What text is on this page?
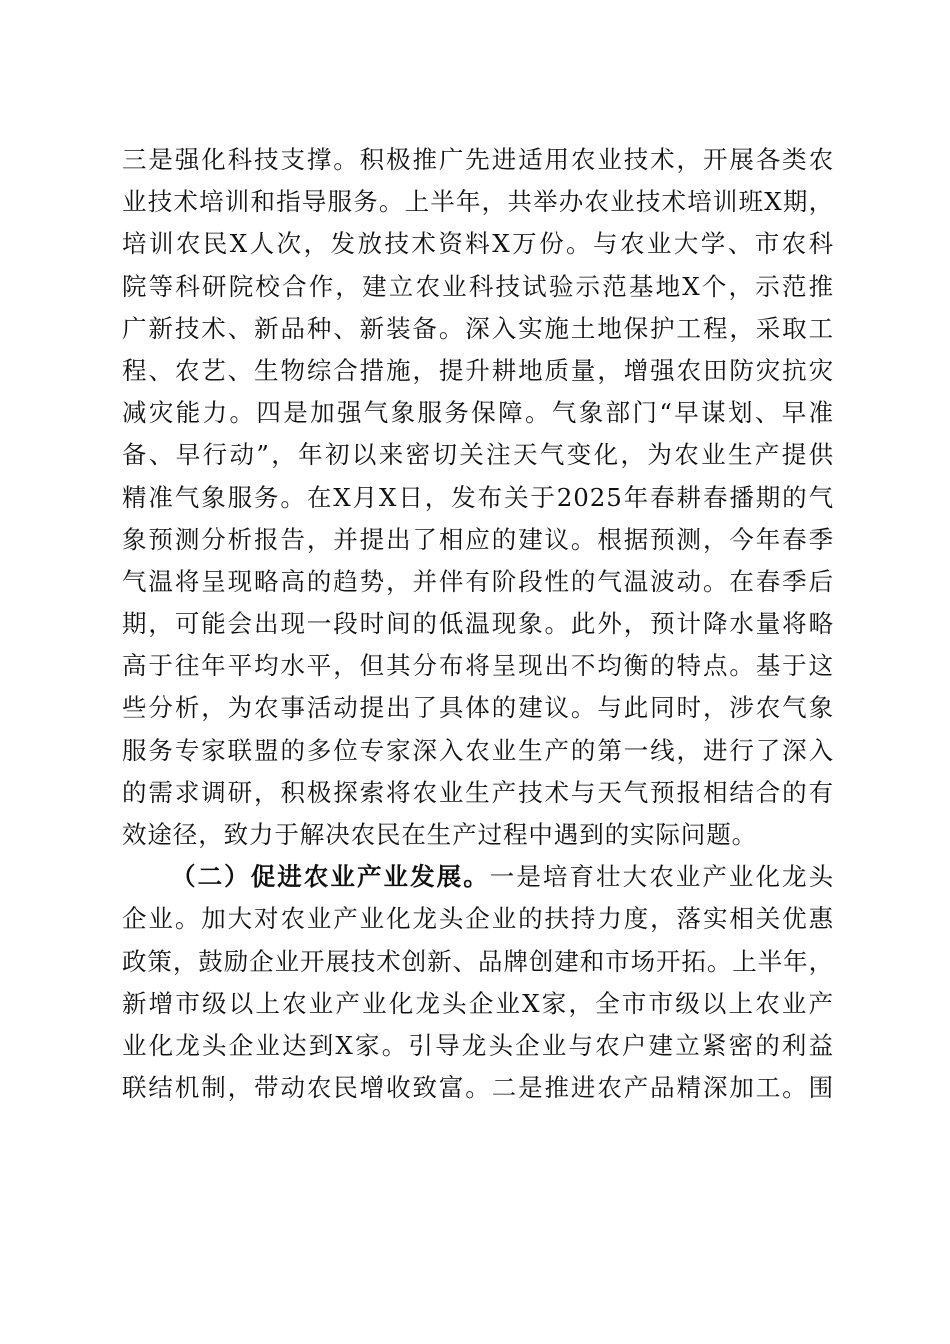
三是强化科技支撑。积极推广先进适用农业技术，开展各类农
业技术培训和指导服务。上半年，共举办农业技术培训班X期，
培训农民X人次，发放技术资料X万份。与农业大学、市农科
院等科研院校合作，建立农业科技试验示范基地X个，示范推
广新技术、新品种、新装备。深入实施土地保护工程，采取工
程、农艺、生物综合措施，提升耕地质量，增强农田防灾抗灾
减灾能力。四是加强气象服务保障。气象部门“早谋划、早准
备、早行动”，年初以来密切关注天气变化，为农业生产提供
精准气象服务。在X月X日，发布关于2025年春耕春播期的气
象预测分析报告，并提出了相应的建议。根据预测，今年春季
气温将呈现略高的趋势，并伴有阶段性的气温波动。在春季后
期，可能会出现一段时间的低温现象。此外，预计降水量将略
高于往年平均水平，但其分布将呈现出不均衡的特点。基于这
些分析，为农事活动提出了具体的建议。与此同时，涉农气象
服务专家联盟的多位专家深入农业生产的第一线，进行了深入
的需求调研，积极探索将农业生产技术与天气预报相结合的有
效途径，致力于解决农民在生产过程中遇到的实际问题。
（二）促进农业产业发展。一是培育壮大农业产业化龙头
企业。加大对农业产业化龙头企业的扶持力度，落实相关优惠
政策，鼓励企业开展技术创新、品牌创建和市场开拓。上半年，
新增市级以上农业产业化龙头企业X家，全市市级以上农业产
业化龙头企业达到X家。引导龙头企业与农户建立紧密的利益
联结机制，带动农民增收致富。二是推进农产品精深加工。围
